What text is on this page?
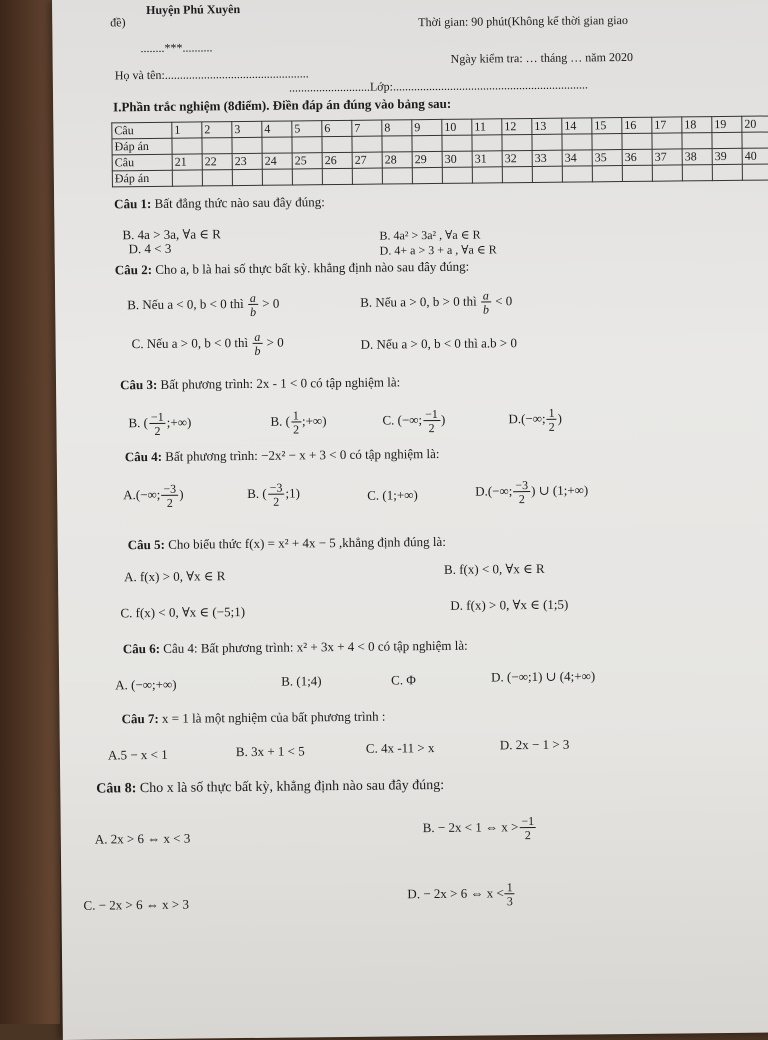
Huyện Phú Xuyên
đề)	Thời gian: 90 phút(Không kể thời gian giao
........***..........
Ngày kiểm tra: … tháng … năm 2020
Họ và tên:................................................
...........................Lớp:.................................................................
I.Phần trắc nghiệm (8điểm). Điền đáp án đúng vào bảng sau:
Câu	1	2	3	4	5	6	7	8	9	10	11	12	13	14	15	16	17	18	19	20
Đáp án																				
Câu	21	22	23	24	25	26	27	28	29	30	31	32	33	34	35	36	37	38	39	40
Đáp án																				
Câu 1: Bất đẳng thức nào sau đây đúng:
B. 4a > 3a, ∀a ∈ R
D. 4 < 3
B. 4a² > 3a² , ∀a ∈ R
D. 4+ a > 3 + a , ∀a ∈ R
Câu 2: Cho a, b là hai số thực bất kỳ. khẳng định nào sau đây đúng:
B. Nếu a < 0, b < 0 thì $\frac{a}{b} > 0$	B. Nếu a > 0, b > 0 thì $\frac{a}{b} < 0$
C. Nếu a > 0, b < 0 thì $\frac{a}{b} > 0$	D. Nếu a > 0, b < 0 thì a.b > 0
Câu 3: Bất phương trình: 2x - 1 < 0 có tập nghiệm là:
B. ( $\frac{-1}{2}$ ;+∞)	B. ( $\frac{1}{2}$ ;+∞)	C. (−∞; $\frac{-1}{2}$ )	D.(−∞; $\frac{1}{2}$ )
Câu 4: Bất phương trình: −2x² − x + 3 < 0 có tập nghiệm là:
A.(−∞; $\frac{-3}{2}$ )	B. ( $\frac{-3}{2}$ ;1)	C. (1;+∞)	D.(−∞; $\frac{-3}{2}$ ) ∪ (1;+∞)
Câu 5: Cho biểu thức f(x) = x² + 4x − 5 ,khẳng định đúng là:
A. f(x) > 0, ∀x ∈ R	B. f(x) < 0, ∀x ∈ R
C. f(x) < 0, ∀x ∈ (−5;1)	D. f(x) > 0, ∀x ∈ (1;5)
Câu 6: Câu 4: Bất phương trình: x² + 3x + 4 < 0 có tập nghiệm là:
A. (−∞;+∞)	B. (1;4)	C. Φ	D. (−∞;1) ∪ (4;+∞)
Câu 7: x = 1 là một nghiệm của bất phương trình :
A.5 − x < 1	B. 3x + 1 < 5	C. 4x -11 > x	D. 2x − 1 > 3
Câu 8: Cho x là số thực bất kỳ, khẳng định nào sau đây đúng:
A. 2x > 6 ⇔ x < 3
B. − 2x < 1 ⇔ $x > \frac{-1}{2}$
C. − 2x > 6 ⇔ x > 3
D. − 2x > 6 ⇔ $x < \frac{1}{3}$
